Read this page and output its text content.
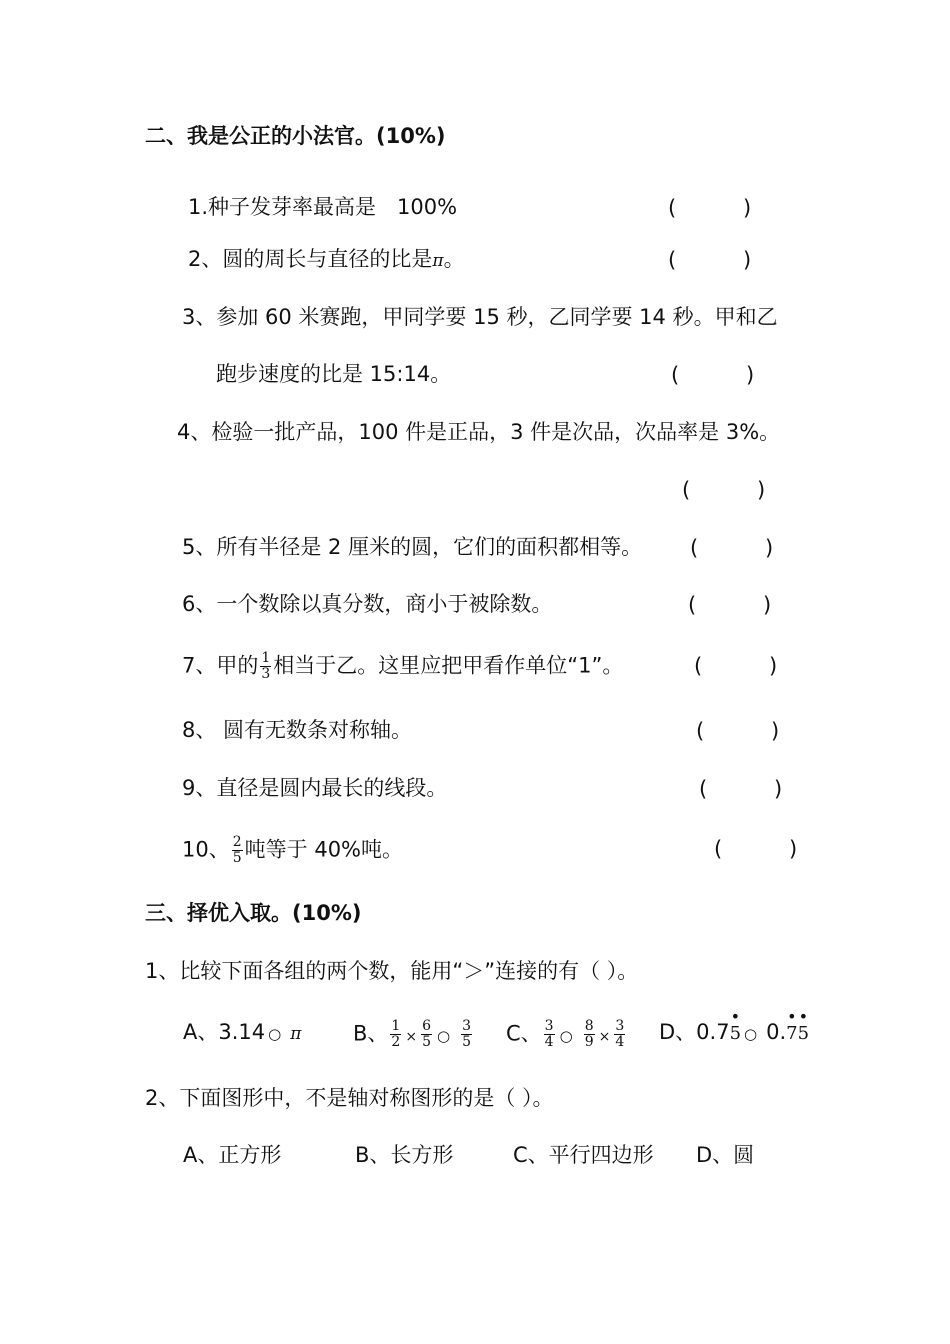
二、我是公正的小法官。(10%)
1.种子发芽率最高是　100%	(          )
2、圆的周长与直径的比是π。	(          )
3、参加 60 米赛跑，甲同学要 15 秒，乙同学要 14 秒。甲和乙
跑步速度的比是 15:14。	(          )
4、检验一批产品，100 件是正品，3 件是次品，次品率是 3%。
(          )
5、所有半径是 2 厘米的圆，它们的面积都相等。 (          )
6、一个数除以真分数，商小于被除数。	(          )
7、甲的 $\frac{1}{3}$ 相当于乙。这里应把甲看作单位“1”。	(          )
8、 圆有无数条对称轴。	(          )
9、直径是圆内最长的线段。	(          )
10、 $\frac{2}{5}$ 吨等于 40%吨。	(          )
三、择优入取。(10%)
1、比较下面各组的两个数，能用“＞”连接的有（ ）。
A、3.14 ○ π B、 $\frac{1}{2} \times \frac{6}{5}$ ○ $\frac{3}{5}$ C、 $\frac{3}{4}$ ○ $\frac{8}{9} \times \frac{3}{4}$ D、0.7
•
5 ○ 0.
•
7
•
5
2、下面图形中，不是轴对称图形的是（ ）。
A、正方形	B、长方形	C、平行四边形 D、圆
